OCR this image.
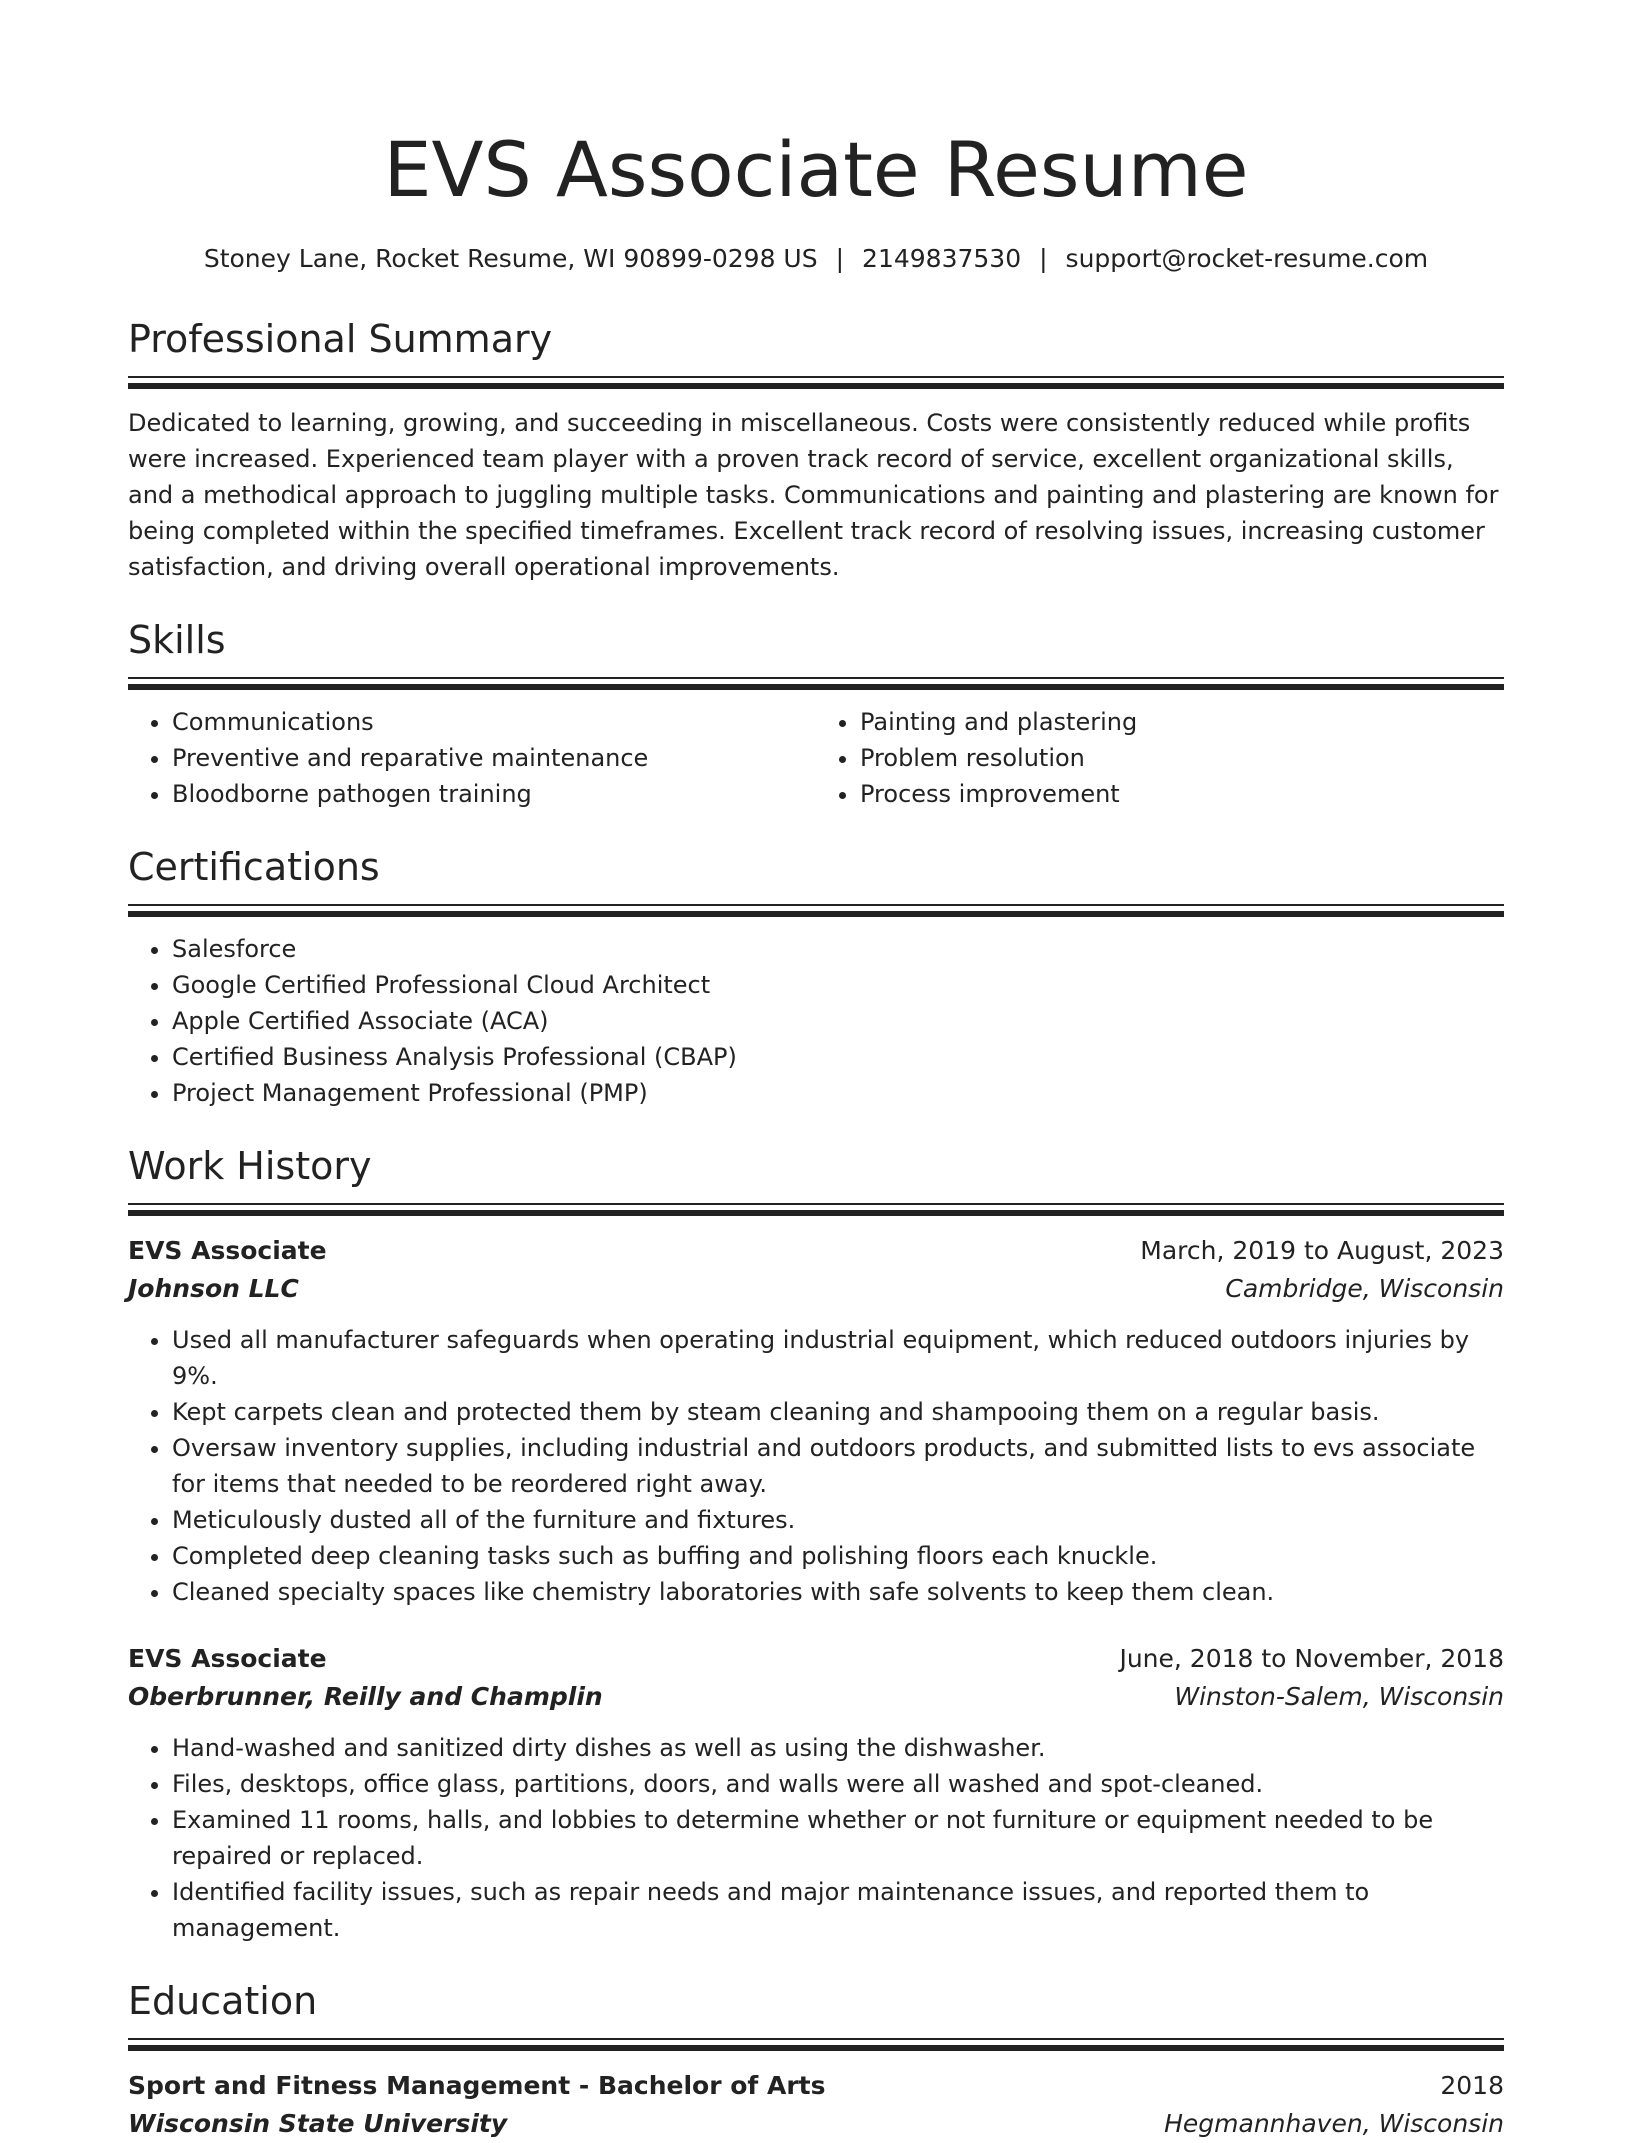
EVS Associate Resume
Stoney Lane, Rocket Resume, WI 90899-0298 US | 2149837530 | support@rocket-resume.com
Professional Summary
Dedicated to learning, growing, and succeeding in miscellaneous. Costs were consistently reduced while profits were increased. Experienced team player with a proven track record of service, excellent organizational skills, and a methodical approach to juggling multiple tasks. Communications and painting and plastering are known for being completed within the specified timeframes. Excellent track record of resolving issues, increasing customer satisfaction, and driving overall operational improvements.
Skills
• Communications
• Preventive and reparative maintenance
• Bloodborne pathogen training
• Painting and plastering
• Problem resolution
• Process improvement
Certifications
• Salesforce
• Google Certified Professional Cloud Architect
• Apple Certified Associate (ACA)
• Certified Business Analysis Professional (CBAP)
• Project Management Professional (PMP)
Work History
EVS Associate	March, 2019 to August, 2023
Johnson LLC	Cambridge, Wisconsin
• Used all manufacturer safeguards when operating industrial equipment, which reduced outdoors injuries by 9%.
• Kept carpets clean and protected them by steam cleaning and shampooing them on a regular basis.
• Oversaw inventory supplies, including industrial and outdoors products, and submitted lists to evs associate for items that needed to be reordered right away.
• Meticulously dusted all of the furniture and fixtures.
• Completed deep cleaning tasks such as buffing and polishing floors each knuckle.
• Cleaned specialty spaces like chemistry laboratories with safe solvents to keep them clean.
EVS Associate	June, 2018 to November, 2018
Oberbrunner, Reilly and Champlin	Winston-Salem, Wisconsin
• Hand-washed and sanitized dirty dishes as well as using the dishwasher.
• Files, desktops, office glass, partitions, doors, and walls were all washed and spot-cleaned.
• Examined 11 rooms, halls, and lobbies to determine whether or not furniture or equipment needed to be repaired or replaced.
• Identified facility issues, such as repair needs and major maintenance issues, and reported them to management.
Education
Sport and Fitness Management - Bachelor of Arts	2018
Wisconsin State University	Hegmannhaven, Wisconsin
